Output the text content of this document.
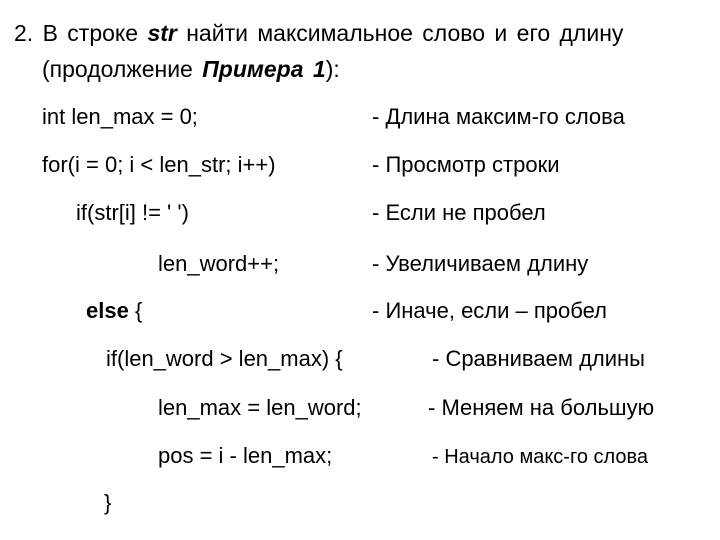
2. В строке str найти максимальное слово и его длину
(продолжение Примера 1):
int len_max = 0;	- Длина максим-го слова
for(i = 0; i < len_str; i++)	- Просмотр строки
if(str[i] != ' ')	- Если не пробел
len_word++;	- Увеличиваем длину
else {	- Иначе, если – пробел
if(len_word > len_max) {	- Сравниваем длины
len_max = len_word;	- Меняем на большую
pos = i - len_max;	- Начало макс-го слова
}
